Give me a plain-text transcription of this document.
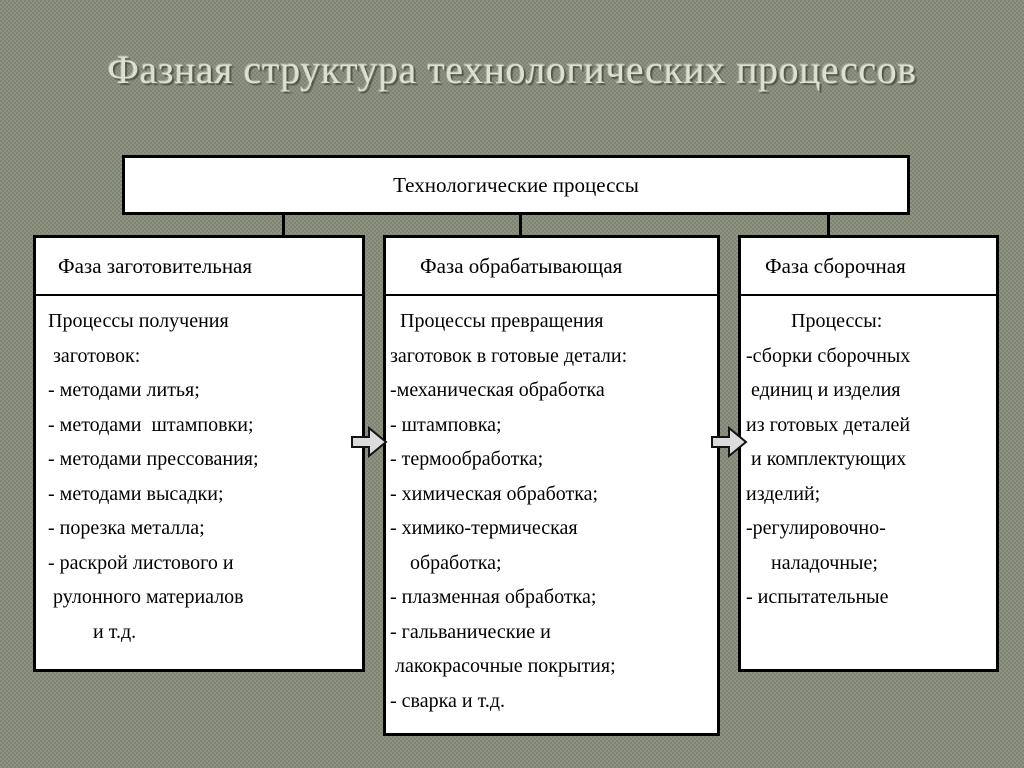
Фазная структура технологических процессов
Технологические процессы
Фаза заготовительная
Процессы получения
заготовок:
- методами литья;
- методами  штамповки;
- методами прессования;
- методами высадки;
- порезка металла;
- раскрой листового и
рулонного материалов
и т.д.
Фаза обрабатывающая
Процессы превращения
заготовок в готовые детали:
-механическая обработка
- штамповка;
- термообработка;
- химическая обработка;
- химико-термическая
обработка;
- плазменная обработка;
- гальванические и
лакокрасочные покрытия;
- сварка и т.д.
Фаза сборочная
Процессы:
-сборки сборочных
единиц и изделия
из готовых деталей
и комплектующих
изделий;
-регулировочно-
наладочные;
- испытательные
